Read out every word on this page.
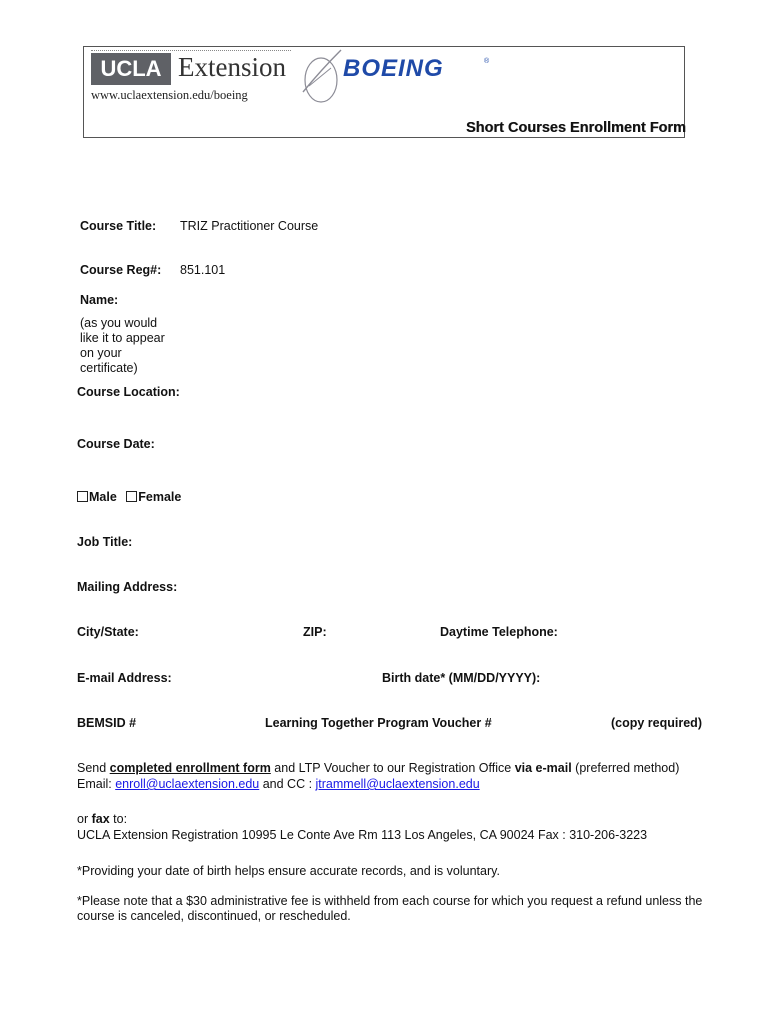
UCLA Extension BOEING	®
www.uclaextension.edu/boeing
Short Courses Enrollment Form
Course Title: TRIZ Practitioner Course
Course Reg#: 851.101
Name:
(as you would
like it to appear
on your
certificate)
Course Location:
Course Date:
Male Female
Job Title:
Mailing Address:
City/State:	ZIP:	Daytime Telephone:
E-mail Address:	Birth date* (MM/DD/YYYY):
BEMSID #	Learning Together Program Voucher #	(copy required)
Send completed enrollment form and LTP Voucher to our Registration Office via e-mail (preferred method)
Email: enroll@uclaextension.edu and CC : jtrammell@uclaextension.edu
or fax to:
UCLA Extension Registration 10995 Le Conte Ave Rm 113 Los Angeles, CA 90024 Fax : 310-206-3223
*Providing your date of birth helps ensure accurate records, and is voluntary.
*Please note that a $30 administrative fee is withheld from each course for which you request a refund unless the
course is canceled, discontinued, or rescheduled.
